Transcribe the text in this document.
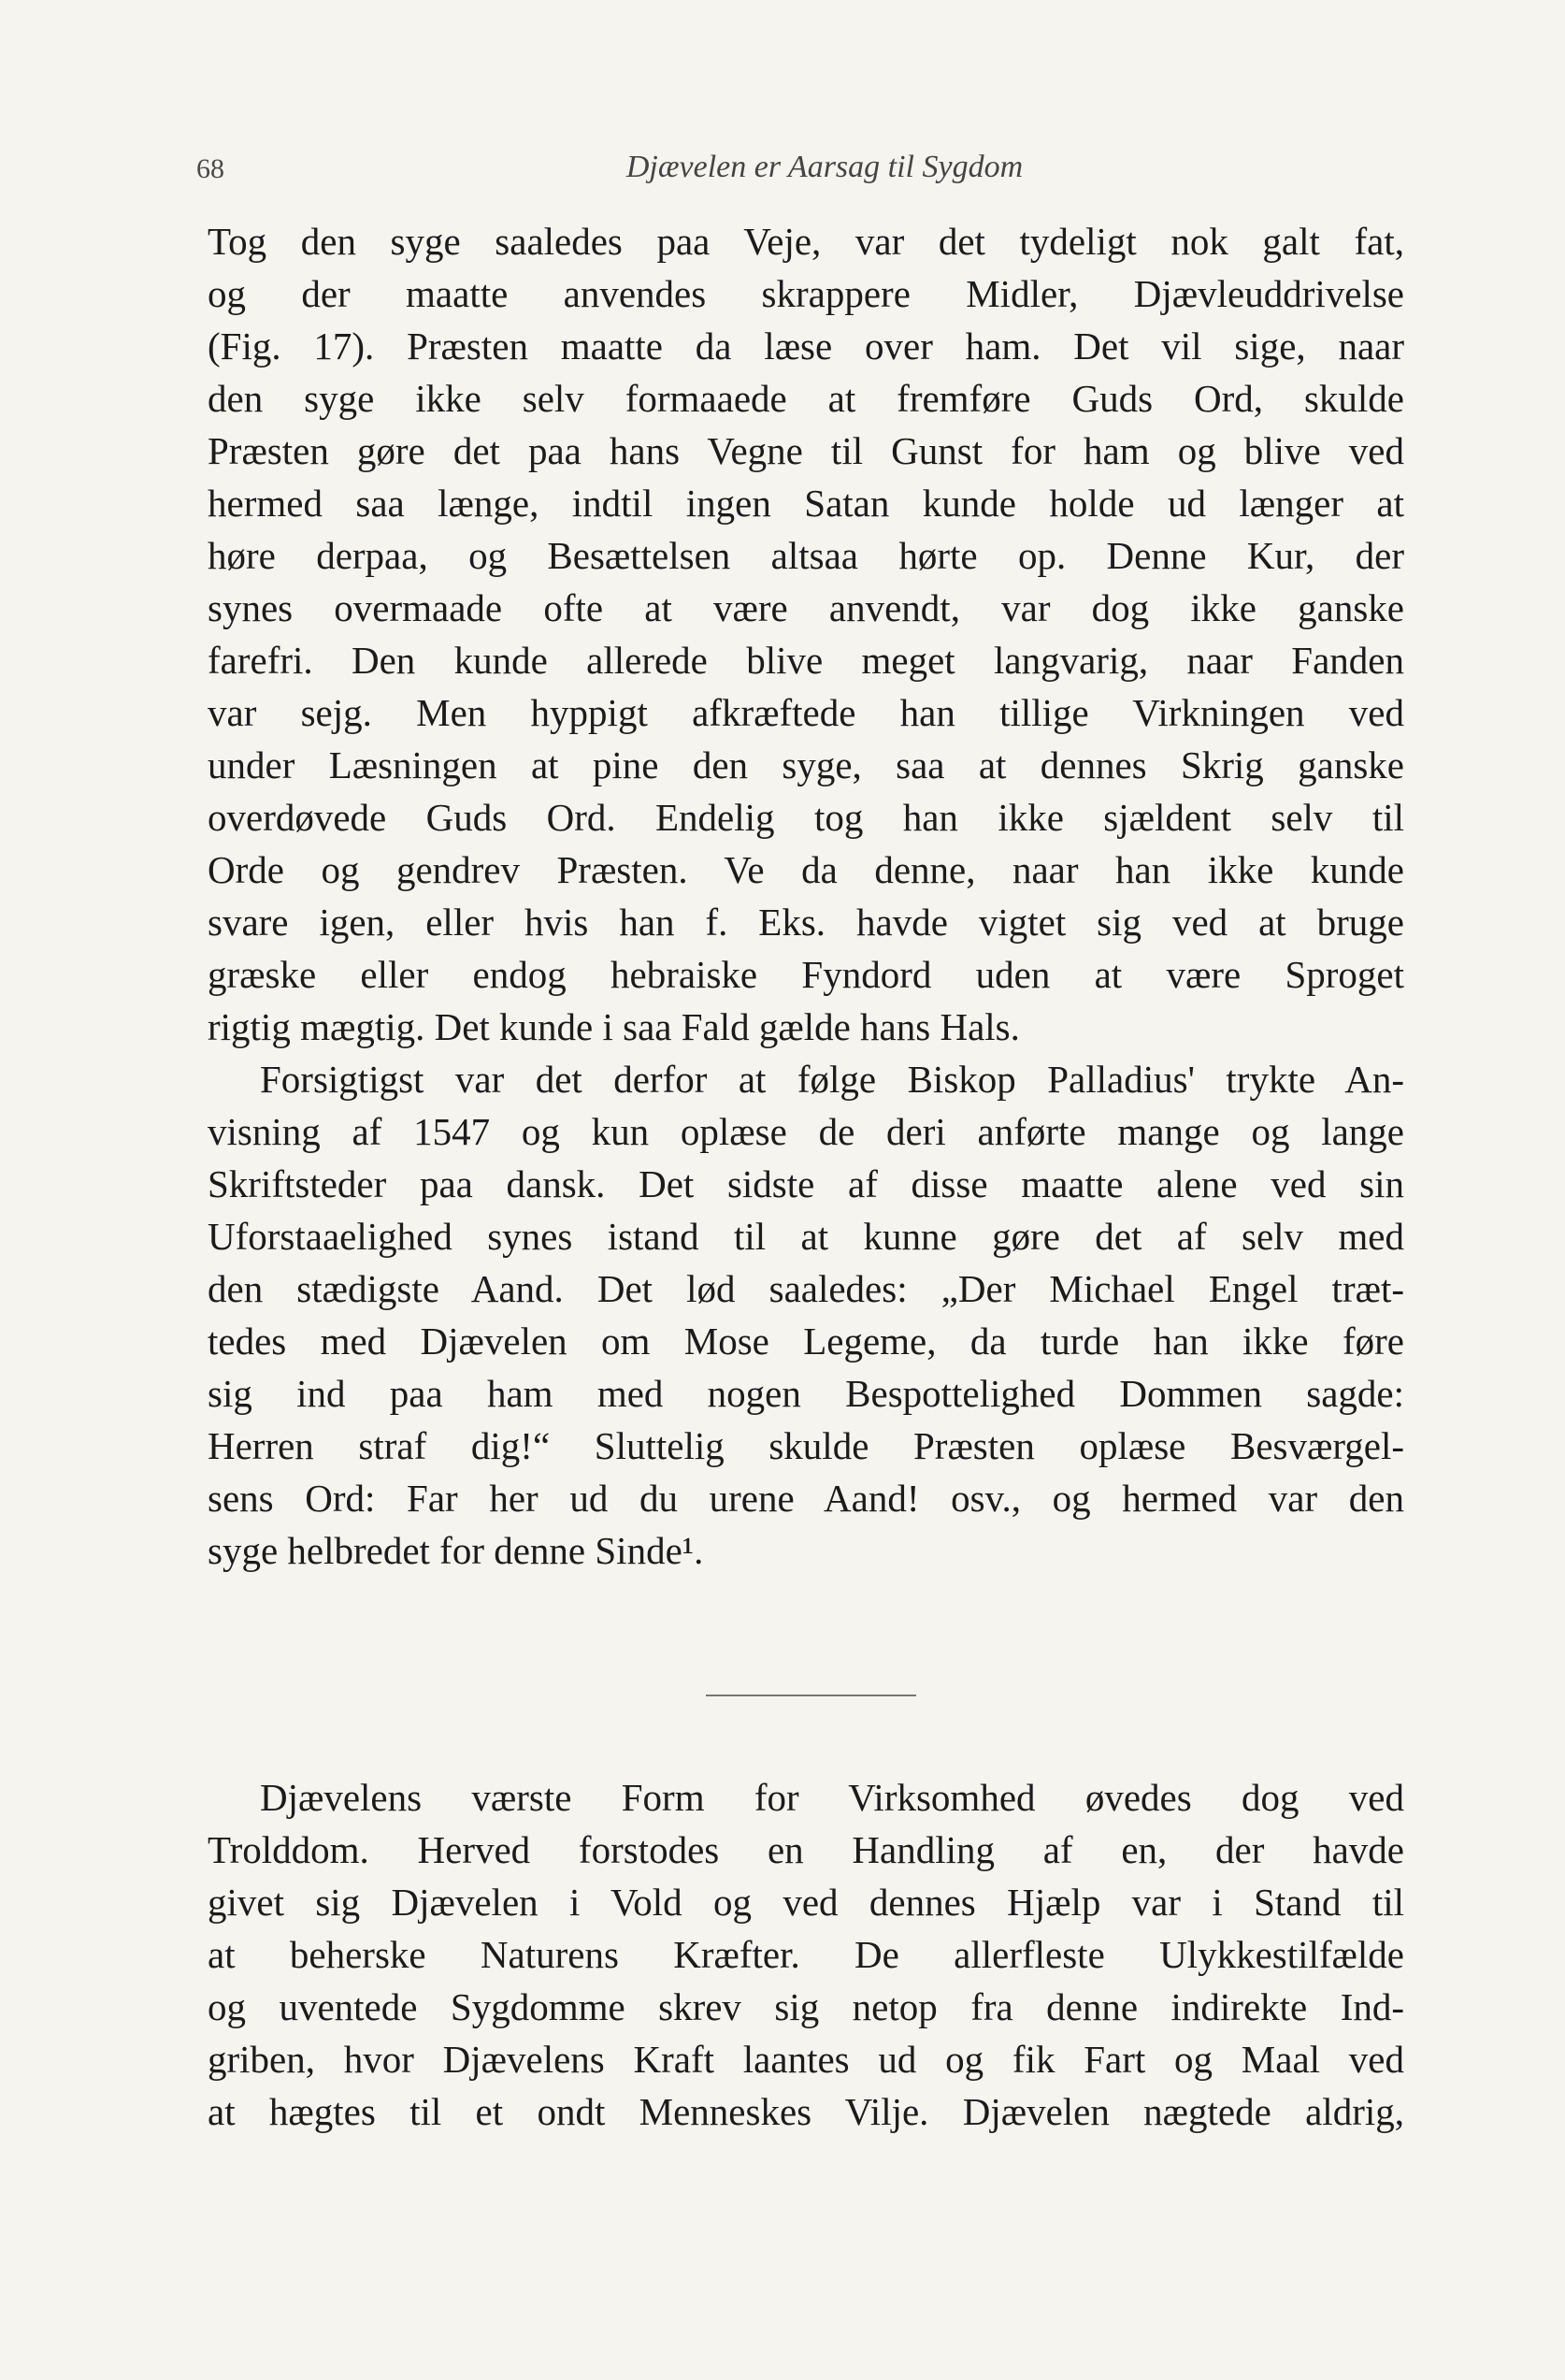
68	Djævelen er Aarsag til Sygdom
Tog den syge saaledes paa Veje, var det tydeligt nok galt fat,
og der maatte anvendes skrappere Midler, Djævleuddrivelse
(Fig. 17). Præsten maatte da læse over ham. Det vil sige, naar
den syge ikke selv formaaede at fremføre Guds Ord, skulde
Præsten gøre det paa hans Vegne til Gunst for ham og blive ved
hermed saa længe, indtil ingen Satan kunde holde ud længer at
høre derpaa, og Besættelsen altsaa hørte op. Denne Kur, der
synes overmaade ofte at være anvendt, var dog ikke ganske
farefri. Den kunde allerede blive meget langvarig, naar Fanden
var sejg. Men hyppigt afkræftede han tillige Virkningen ved
under Læsningen at pine den syge, saa at dennes Skrig ganske
overdøvede Guds Ord. Endelig tog han ikke sjældent selv til
Orde og gendrev Præsten. Ve da denne, naar han ikke kunde
svare igen, eller hvis han f. Eks. havde vigtet sig ved at bruge
græske eller endog hebraiske Fyndord uden at være Sproget
rigtig mægtig. Det kunde i saa Fald gælde hans Hals.
Forsigtigst var det derfor at følge Biskop Palladius' trykte An-
visning af 1547 og kun oplæse de deri anførte mange og lange
Skriftsteder paa dansk. Det sidste af disse maatte alene ved sin
Uforstaaelighed synes istand til at kunne gøre det af selv med
den stædigste Aand. Det lød saaledes: „Der Michael Engel træt-
tedes med Djævelen om Mose Legeme, da turde han ikke føre
sig ind paa ham med nogen Bespottelighed Dommen sagde:
Herren straf dig!“ Sluttelig skulde Præsten oplæse Besværgel-
sens Ord: Far her ud du urene Aand! osv., og hermed var den
syge helbredet for denne Sinde¹.
Djævelens værste Form for Virksomhed øvedes dog ved
Trolddom. Herved forstodes en Handling af en, der havde
givet sig Djævelen i Vold og ved dennes Hjælp var i Stand til
at beherske Naturens Kræfter. De allerfleste Ulykkestilfælde
og uventede Sygdomme skrev sig netop fra denne indirekte Ind-
griben, hvor Djævelens Kraft laantes ud og fik Fart og Maal ved
at hægtes til et ondt Menneskes Vilje. Djævelen nægtede aldrig,
